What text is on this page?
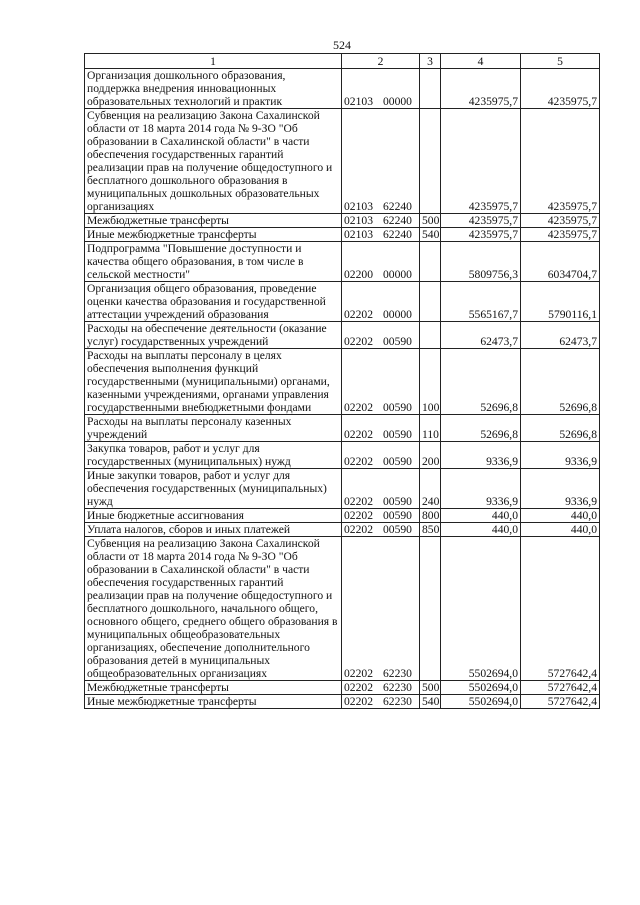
524
1	2	3	4	5
Организация дошкольного образования, поддержка внедрения инновационных образовательных технологий и практик	02103 00000		4235975,7	4235975,7
Субвенция на реализацию Закона Сахалинской области от 18 марта 2014 года № 9-ЗО "Об образовании в Сахалинской области" в части обеспечения государственных гарантий реализации прав на получение общедоступного и бесплатного дошкольного образования в муниципальных дошкольных образовательных организациях	02103 62240		4235975,7	4235975,7
Межбюджетные трансферты	02103 62240	500	4235975,7	4235975,7
Иные межбюджетные трансферты	02103 62240	540	4235975,7	4235975,7
Подпрограмма "Повышение доступности и качества общего образования, в том числе в сельской местности"	02200 00000		5809756,3	6034704,7
Организация общего образования, проведение оценки качества образования и государственной аттестации учреждений образования	02202 00000		5565167,7	5790116,1
Расходы на обеспечение деятельности (оказание услуг) государственных учреждений	02202 00590		62473,7	62473,7
Расходы на выплаты персоналу в целях обеспечения выполнения функций государственными (муниципальными) органами, казенными учреждениями, органами управления государственными внебюджетными фондами	02202 00590	100	52696,8	52696,8
Расходы на выплаты персоналу казенных учреждений	02202 00590	110	52696,8	52696,8
Закупка товаров, работ и услуг для государственных (муниципальных) нужд	02202 00590	200	9336,9	9336,9
Иные закупки товаров, работ и услуг для обеспечения государственных (муниципальных) нужд	02202 00590	240	9336,9	9336,9
Иные бюджетные ассигнования	02202 00590	800	440,0	440,0
Уплата налогов, сборов и иных платежей	02202 00590	850	440,0	440,0
Субвенция на реализацию Закона Сахалинской области от 18 марта 2014 года № 9-ЗО "Об образовании в Сахалинской области" в части обеспечения государственных гарантий реализации прав на получение общедоступного и бесплатного дошкольного, начального общего, основного общего, среднего общего образования в муниципальных общеобразовательных организациях, обеспечение дополнительного образования детей в муниципальных общеобразовательных организациях	02202 62230		5502694,0	5727642,4
Межбюджетные трансферты	02202 62230	500	5502694,0	5727642,4
Иные межбюджетные трансферты	02202 62230	540	5502694,0	5727642,4
